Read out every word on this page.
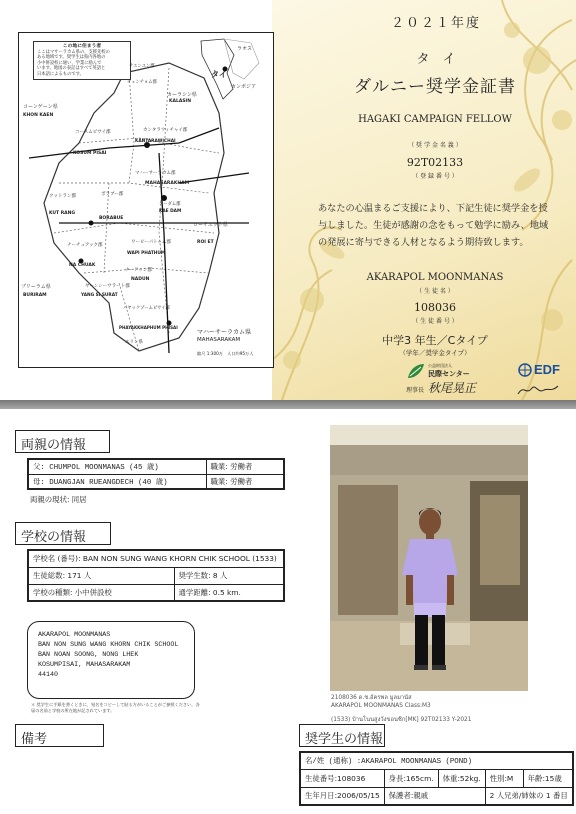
この地に住まう者
ここはマサーラカム県の、支援先校の
ある地域です。奨学生は県内各地の
小中併設校に通い、学業に励んで
います。地図の表記はすべて英語と
日本語によるものです。
ラオス
タイ
カンボジア
カーラシン県
KALASIN
コーンゲーン県
KHON KAEN
コースムピサイ郡	カンタラウィチャイ郡
KANTARAWICHAI
KOSUM PISAI
マハーサーラカム郡
MAHASARAKHAM
ボラブー郡
BORABUE
クットラン郡
KUT RANG
ローイエット県
ROI ET
ナーチュアック郡
NA CHUAK
ナードゥン郡
NADUN
ワーピーパトゥム郡
WAPI PHATHUM
ヤーンシーサラート郡
YANG SI SURAT
ブリーラム県
BURIRAM
パヤックプームピサイ郡
PHAYAKKHAPHUM PHISAI
スリン県
ケーダム郡
KAE DAM
チエンユン郡
チュンチョム郡
マハーサーラカム県
MAHASARAKAM
縮尺 1:300万　人口約95万人
２０２１年度
タ　イ
ダルニー奨学金証書
HAGAKI CAMPAIGN FELLOW
（ 奨 学 金 名 義 ）
92T02133
（ 登 録 番 号 ）
あなたの心温まるご支援により、下記生徒に奨学金を授与しました。生徒が感謝の念をもって勉学に励み、地域の発展に寄与できる人材となるよう期待致します。
AKARAPOL MOONMANAS
（ 生 徒 名 ）
108036
（ 生 徒 番 号 ）
中学3 年生／Cタイプ
（学年／奨学金タイプ）
公益財団法人
民際センター
理事長 秋尾晃正
EDF
両親の情報
父: CHUMPOL MOONMANAS (45 歳)	職業: 労働者
母: DUANGJAN RUEANGDECH (40 歳)	職業: 労働者
両親の現状: 同居
学校の情報
学校名 (番号): BAN NON SUNG WANG KHORN CHIK SCHOOL (1533)	
生徒総数: 171 人	奨学生数: 8 人
学校の種類: 小中併設校	通学距離: 0.5 km.
AKARAPOL MOONMANAS
BAN NON SUNG WANG KHORN CHIK SCHOOL
BAN NOAN SOONG, NONG LHEK
KOSUMPISAI, MAHASARAKAM
44140
＊ 奨学生に手紙を書くときに、宛名をコピーして貼る方がいることがご参照ください。各届の名前と学校の所在地が記されています。
備考
2108036 ด.ช.อัครพล มูลมานัส
AKARAPOL MOONMANAS Class:M3
(1533) บ้านโนนสูงวังขอนชิก[MK] 92T02133 Y-2021
奨学生の情報
名/姓 (通称) :AKARAPOL MOONMANAS (POND)				
生徒番号:108036	身長:165cm.	体重:52kg.	性別:M	年齢:15歳
生年月日:2006/05/15	保護者:親戚		2 人兄弟/姉妹の 1 番目	
